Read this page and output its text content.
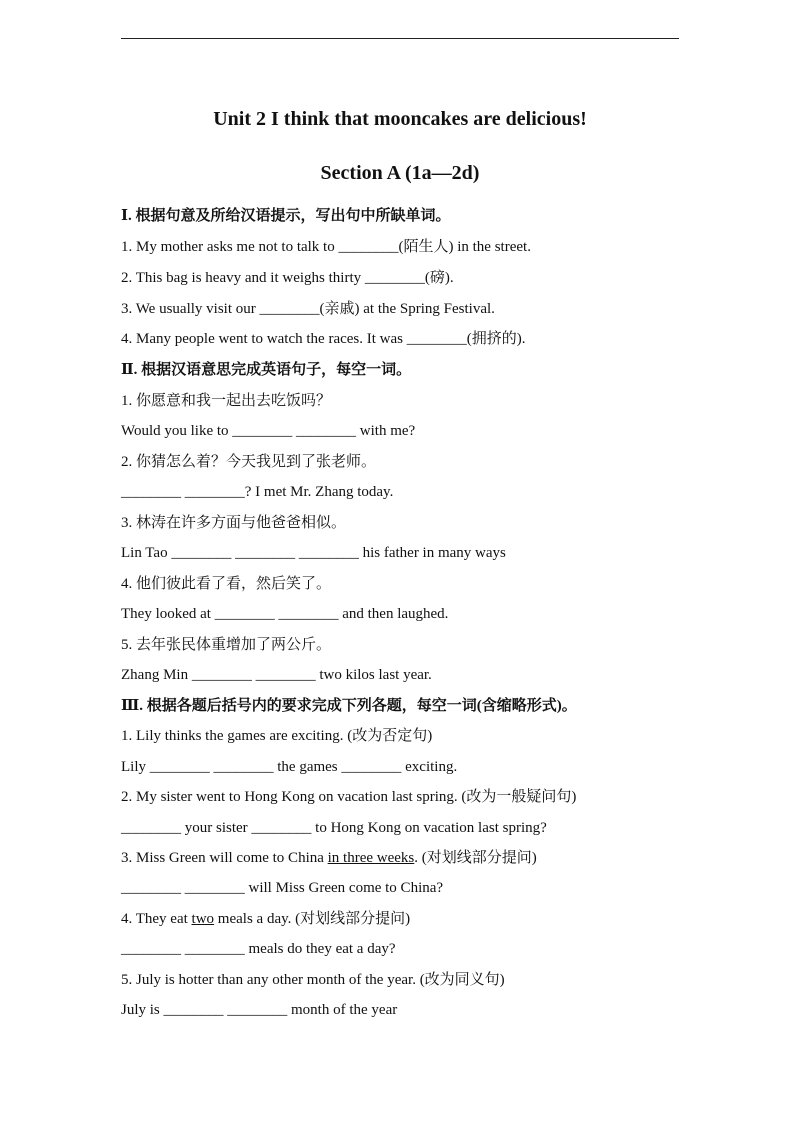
Unit 2 I think that mooncakes are delicious!
Section A (1a—2d)
Ⅰ. 根据句意及所给汉语提示，写出句中所缺单词。
1. My mother asks me not to talk to ________(陌生人) in the street.
2. This bag is heavy and it weighs thirty ________(磅).
3. We usually visit our ________(亲戚) at the Spring Festival.
4. Many people went to watch the races. It was ________(拥挤的).
Ⅱ. 根据汉语意思完成英语句子，每空一词。
1. 你愿意和我一起出去吃饭吗？
Would you like to ________ ________ with me?
2. 你猜怎么着？今天我见到了张老师。
________ ________? I met Mr. Zhang today.
3. 林涛在许多方面与他爸爸相似。
Lin Tao ________ ________ ________ his father in many ways
4. 他们彼此看了看，然后笑了。
They looked at ________ ________ and then laughed.
5. 去年张民体重增加了两公斤。
Zhang Min ________ ________ two kilos last year.
Ⅲ. 根据各题后括号内的要求完成下列各题，每空一词(含缩略形式)。
1. Lily thinks the games are exciting. (改为否定句)
Lily ________ ________ the games ________ exciting.
2. My sister went to Hong Kong on vacation last spring. (改为一般疑问句)
________ your sister ________ to Hong Kong on vacation last spring?
3. Miss Green will come to China in three weeks. (对划线部分提问)
________ ________ will Miss Green come to China?
4. They eat two meals a day. (对划线部分提问)
________ ________ meals do they eat a day?
5. July is hotter than any other month of the year. (改为同义句)
July is ________ ________ month of the year
